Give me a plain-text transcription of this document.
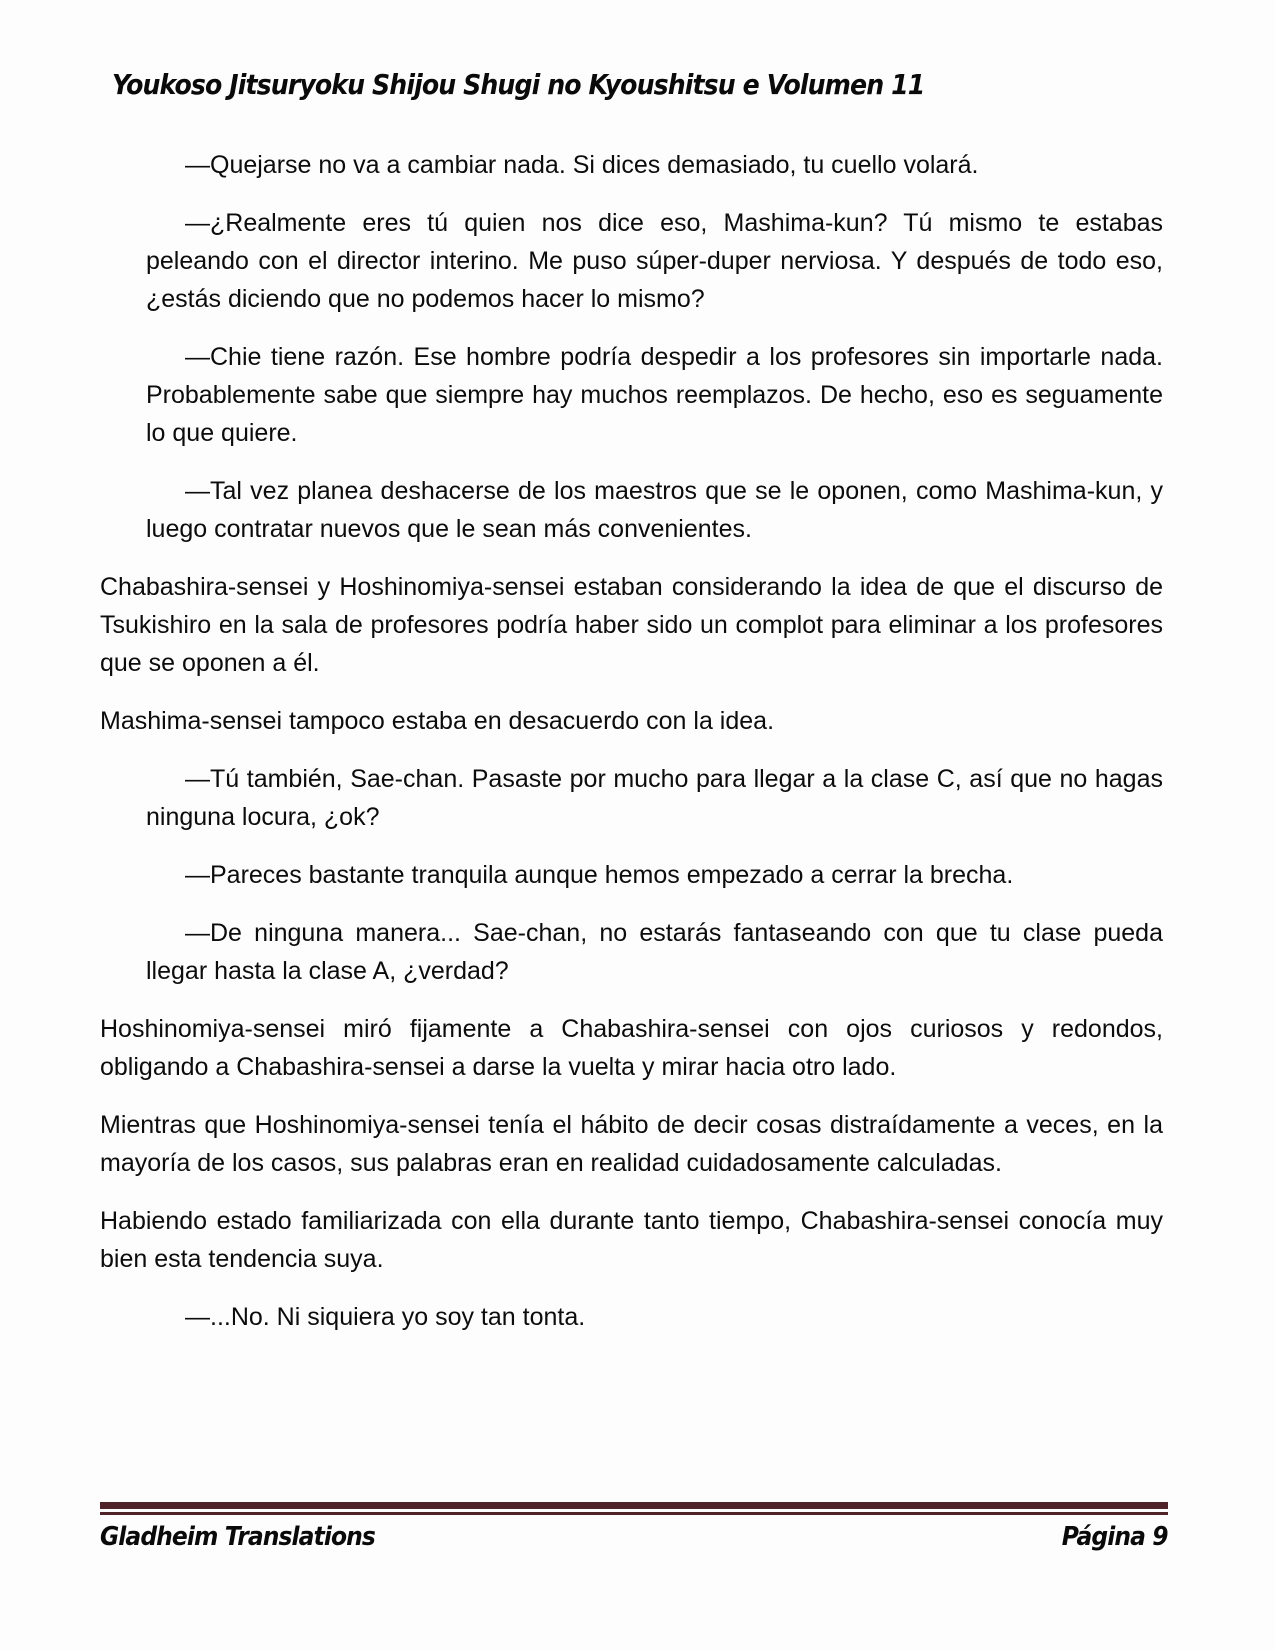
Youkoso Jitsuryoku Shijou Shugi no Kyoushitsu e Volumen 11

—Quejarse no va a cambiar nada. Si dices demasiado, tu cuello volará.

—¿Realmente eres tú quien nos dice eso, Mashima-kun? Tú mismo te estabas peleando con el director interino. Me puso súper-duper nerviosa. Y después de todo eso, ¿estás diciendo que no podemos hacer lo mismo?

—Chie tiene razón. Ese hombre podría despedir a los profesores sin importarle nada. Probablemente sabe que siempre hay muchos reemplazos. De hecho, eso es seguamente lo que quiere.

—Tal vez planea deshacerse de los maestros que se le oponen, como Mashima-kun, y luego contratar nuevos que le sean más convenientes.

Chabashira-sensei y Hoshinomiya-sensei estaban considerando la idea de que el discurso de Tsukishiro en la sala de profesores podría haber sido un complot para eliminar a los profesores que se oponen a él.

Mashima-sensei tampoco estaba en desacuerdo con la idea.

—Tú también, Sae-chan. Pasaste por mucho para llegar a la clase C, así que no hagas ninguna locura, ¿ok?

—Pareces bastante tranquila aunque hemos empezado a cerrar la brecha.

—De ninguna manera... Sae-chan, no estarás fantaseando con que tu clase pueda llegar hasta la clase A, ¿verdad?

Hoshinomiya-sensei miró fijamente a Chabashira-sensei con ojos curiosos y redondos, obligando a Chabashira-sensei a darse la vuelta y mirar hacia otro lado.

Mientras que Hoshinomiya-sensei tenía el hábito de decir cosas distraídamente a veces, en la mayoría de los casos, sus palabras eran en realidad cuidadosamente calculadas.

Habiendo estado familiarizada con ella durante tanto tiempo, Chabashira-sensei conocía muy bien esta tendencia suya.

—...No. Ni siquiera yo soy tan tonta.

Gladheim Translations	Página 9
